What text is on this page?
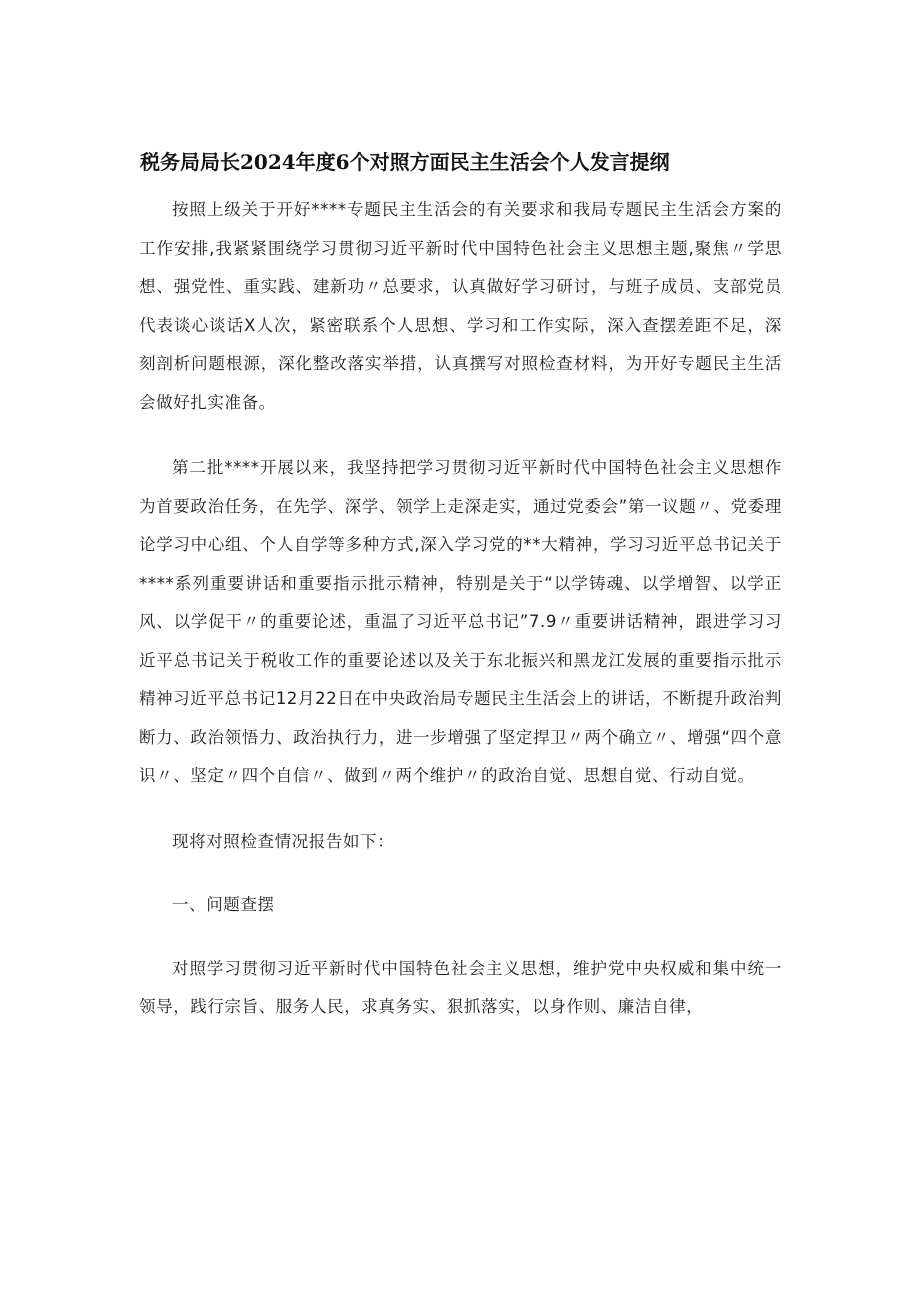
税务局局长2024年度6个对照方面民主生活会个人发言提纲

按照上级关于开好****专题民主生活会的有关要求和我局专题民主生活会方案的工作安排,我紧紧围绕学习贯彻习近平新时代中国特色社会主义思想主题,聚焦〃学思想、强党性、重实践、建新功〃总要求，认真做好学习研讨，与班子成员、支部党员代表谈心谈话X人次，紧密联系个人思想、学习和工作实际，深入查摆差距不足，深刻剖析问题根源，深化整改落实举措，认真撰写对照检查材料，为开好专题民主生活会做好扎实准备。

第二批****开展以来，我坚持把学习贯彻习近平新时代中国特色社会主义思想作为首要政治任务，在先学、深学、领学上走深走实，通过党委会”第一议题〃、党委理论学习中心组、个人自学等多种方式,深入学习党的**大精神，学习习近平总书记关于****系列重要讲话和重要指示批示精神，特别是关于“以学铸魂、以学增智、以学正风、以学促干〃的重要论述，重温了习近平总书记”7.9〃重要讲话精神，跟进学习习近平总书记关于税收工作的重要论述以及关于东北振兴和黑龙江发展的重要指示批示精神习近平总书记12月22日在中央政治局专题民主生活会上的讲话，不断提升政治判断力、政治领悟力、政治执行力，进一步增强了坚定捍卫〃两个确立〃、增强“四个意识〃、坚定〃四个自信〃、做到〃两个维护〃的政治自觉、思想自觉、行动自觉。

现将对照检查情况报告如下：

一、问题查摆

对照学习贯彻习近平新时代中国特色社会主义思想，维护党中央权威和集中统一领导，践行宗旨、服务人民，求真务实、狠抓落实，以身作则、廉洁自律，
